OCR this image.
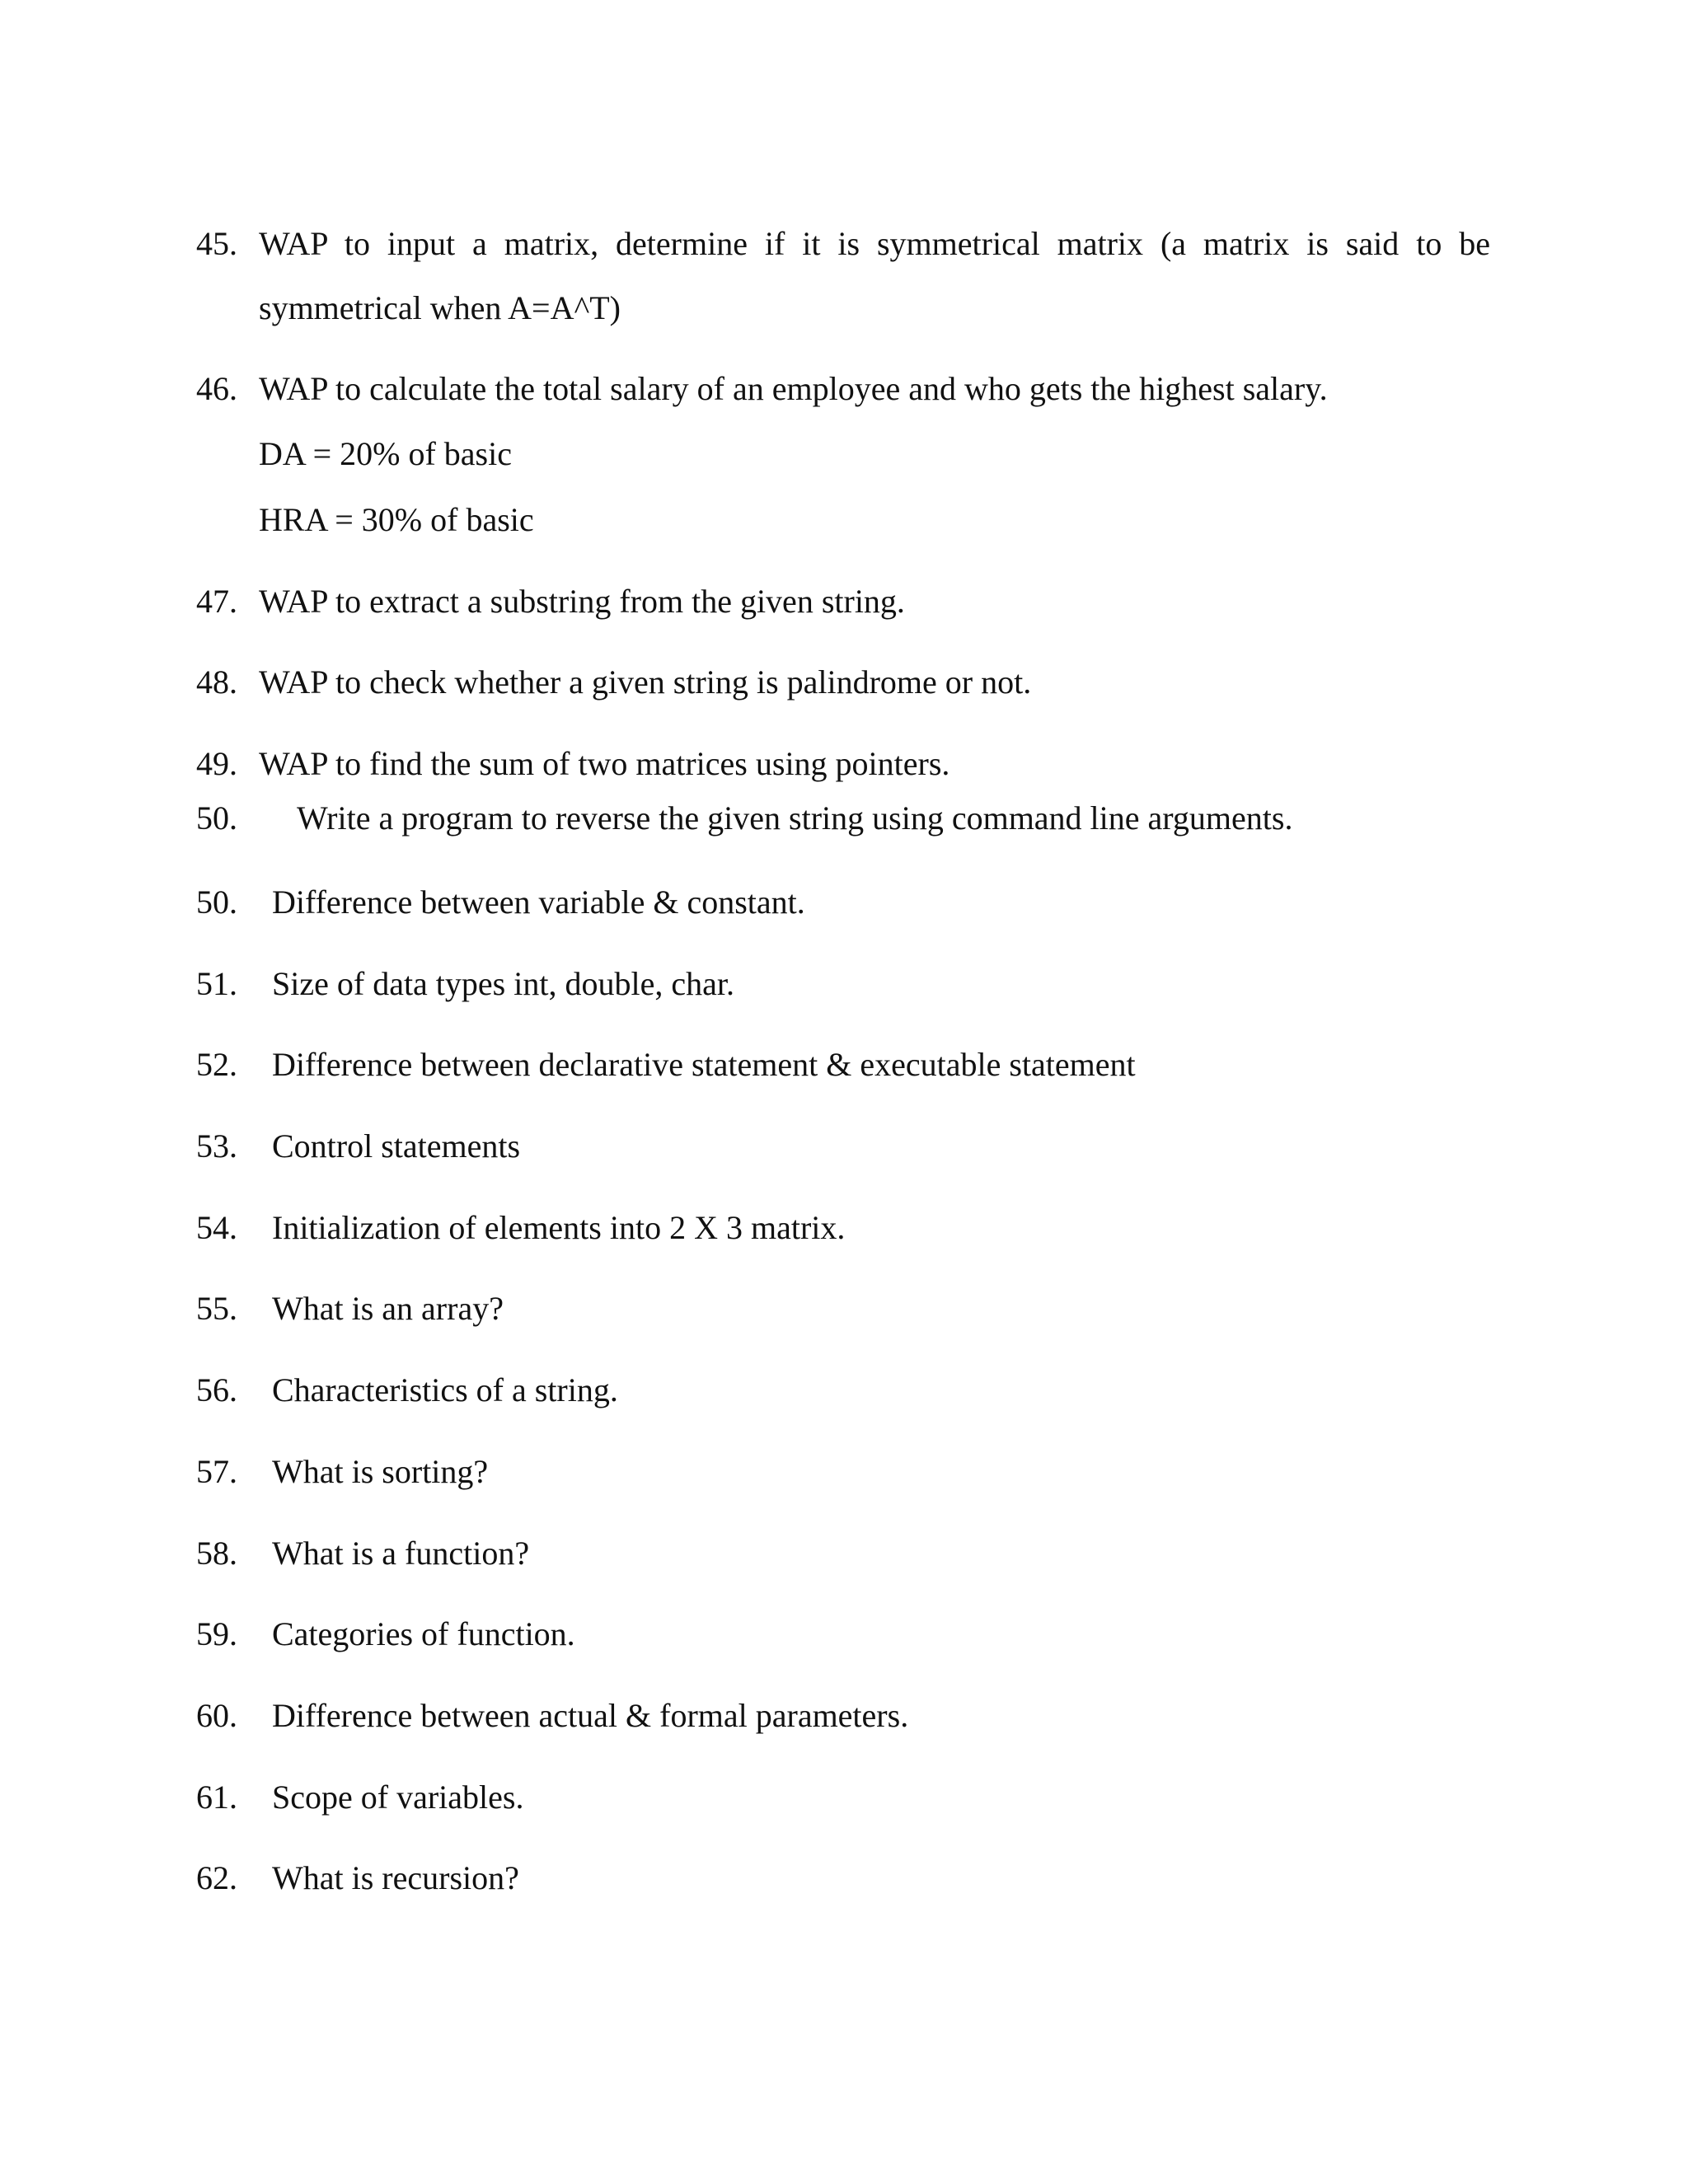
45. WAP to input a matrix, determine if it is symmetrical matrix (a matrix is said to be
symmetrical when A=A^T)
46. WAP to calculate the total salary of an employee and who gets the highest salary.
DA = 20% of basic
HRA = 30% of basic
47. WAP to extract a substring from the given string.
48. WAP to check whether a given string is palindrome or not.
49. WAP to find the sum of two matrices using pointers.
50. Write a program to reverse the given string using command line arguments.
50. Difference between variable & constant.
51. Size of data types int, double, char.
52. Difference between declarative statement & executable statement
53. Control statements
54. Initialization of elements into 2 X 3 matrix.
55. What is an array?
56. Characteristics of a string.
57. What is sorting?
58. What is a function?
59. Categories of function.
60. Difference between actual & formal parameters.
61. Scope of variables.
62. What is recursion?
